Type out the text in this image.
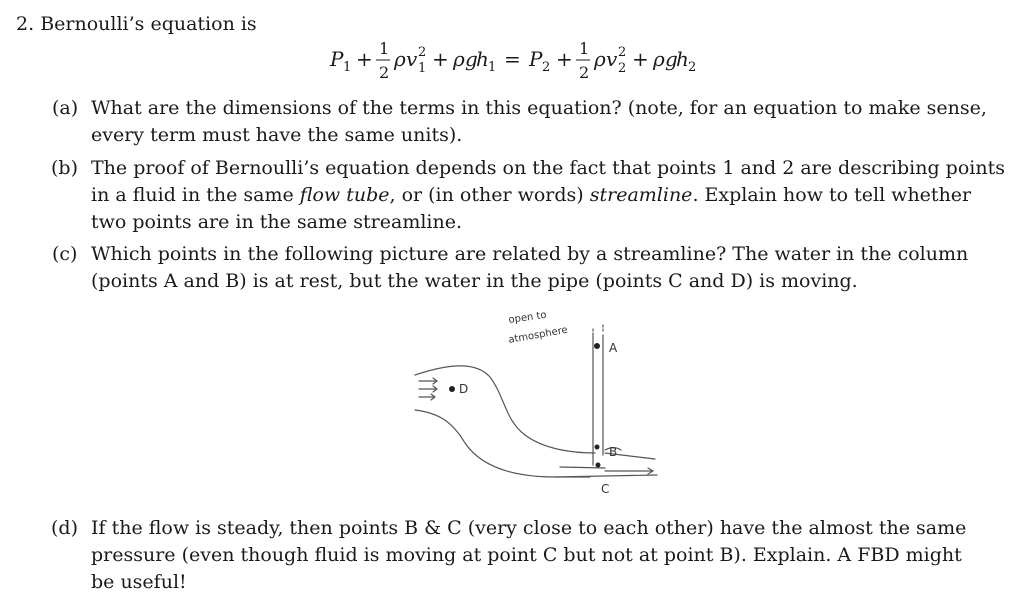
2. Bernoulli’s equation is
P 1 + 1
2
ρ v 2
1 + ρ g
h 1 = P 2 + 1
2
ρ v 2
2 + ρ g
h 2
(a) What are the dimensions of the terms in this equation? (note, for an equation to make sense,
every term must have the same units).
(b) The proof of Bernoulli’s equation depends on the fact that points 1 and 2 are describing points
in a fluid in the same flow tube, or (in other words) streamline. Explain how to tell whether
two points are in the same streamline.
(c) Which points in the following picture are related by a streamline? The water in the column
(points A and B) is at rest, but the water in the pipe (points C and D) is moving.
open to
atmosphere
A
B
C
D
(d) If the flow is steady, then points B & C (very close to each other) have the almost the same
pressure (even though fluid is moving at point C but not at point B). Explain. A FBD might
be useful!
